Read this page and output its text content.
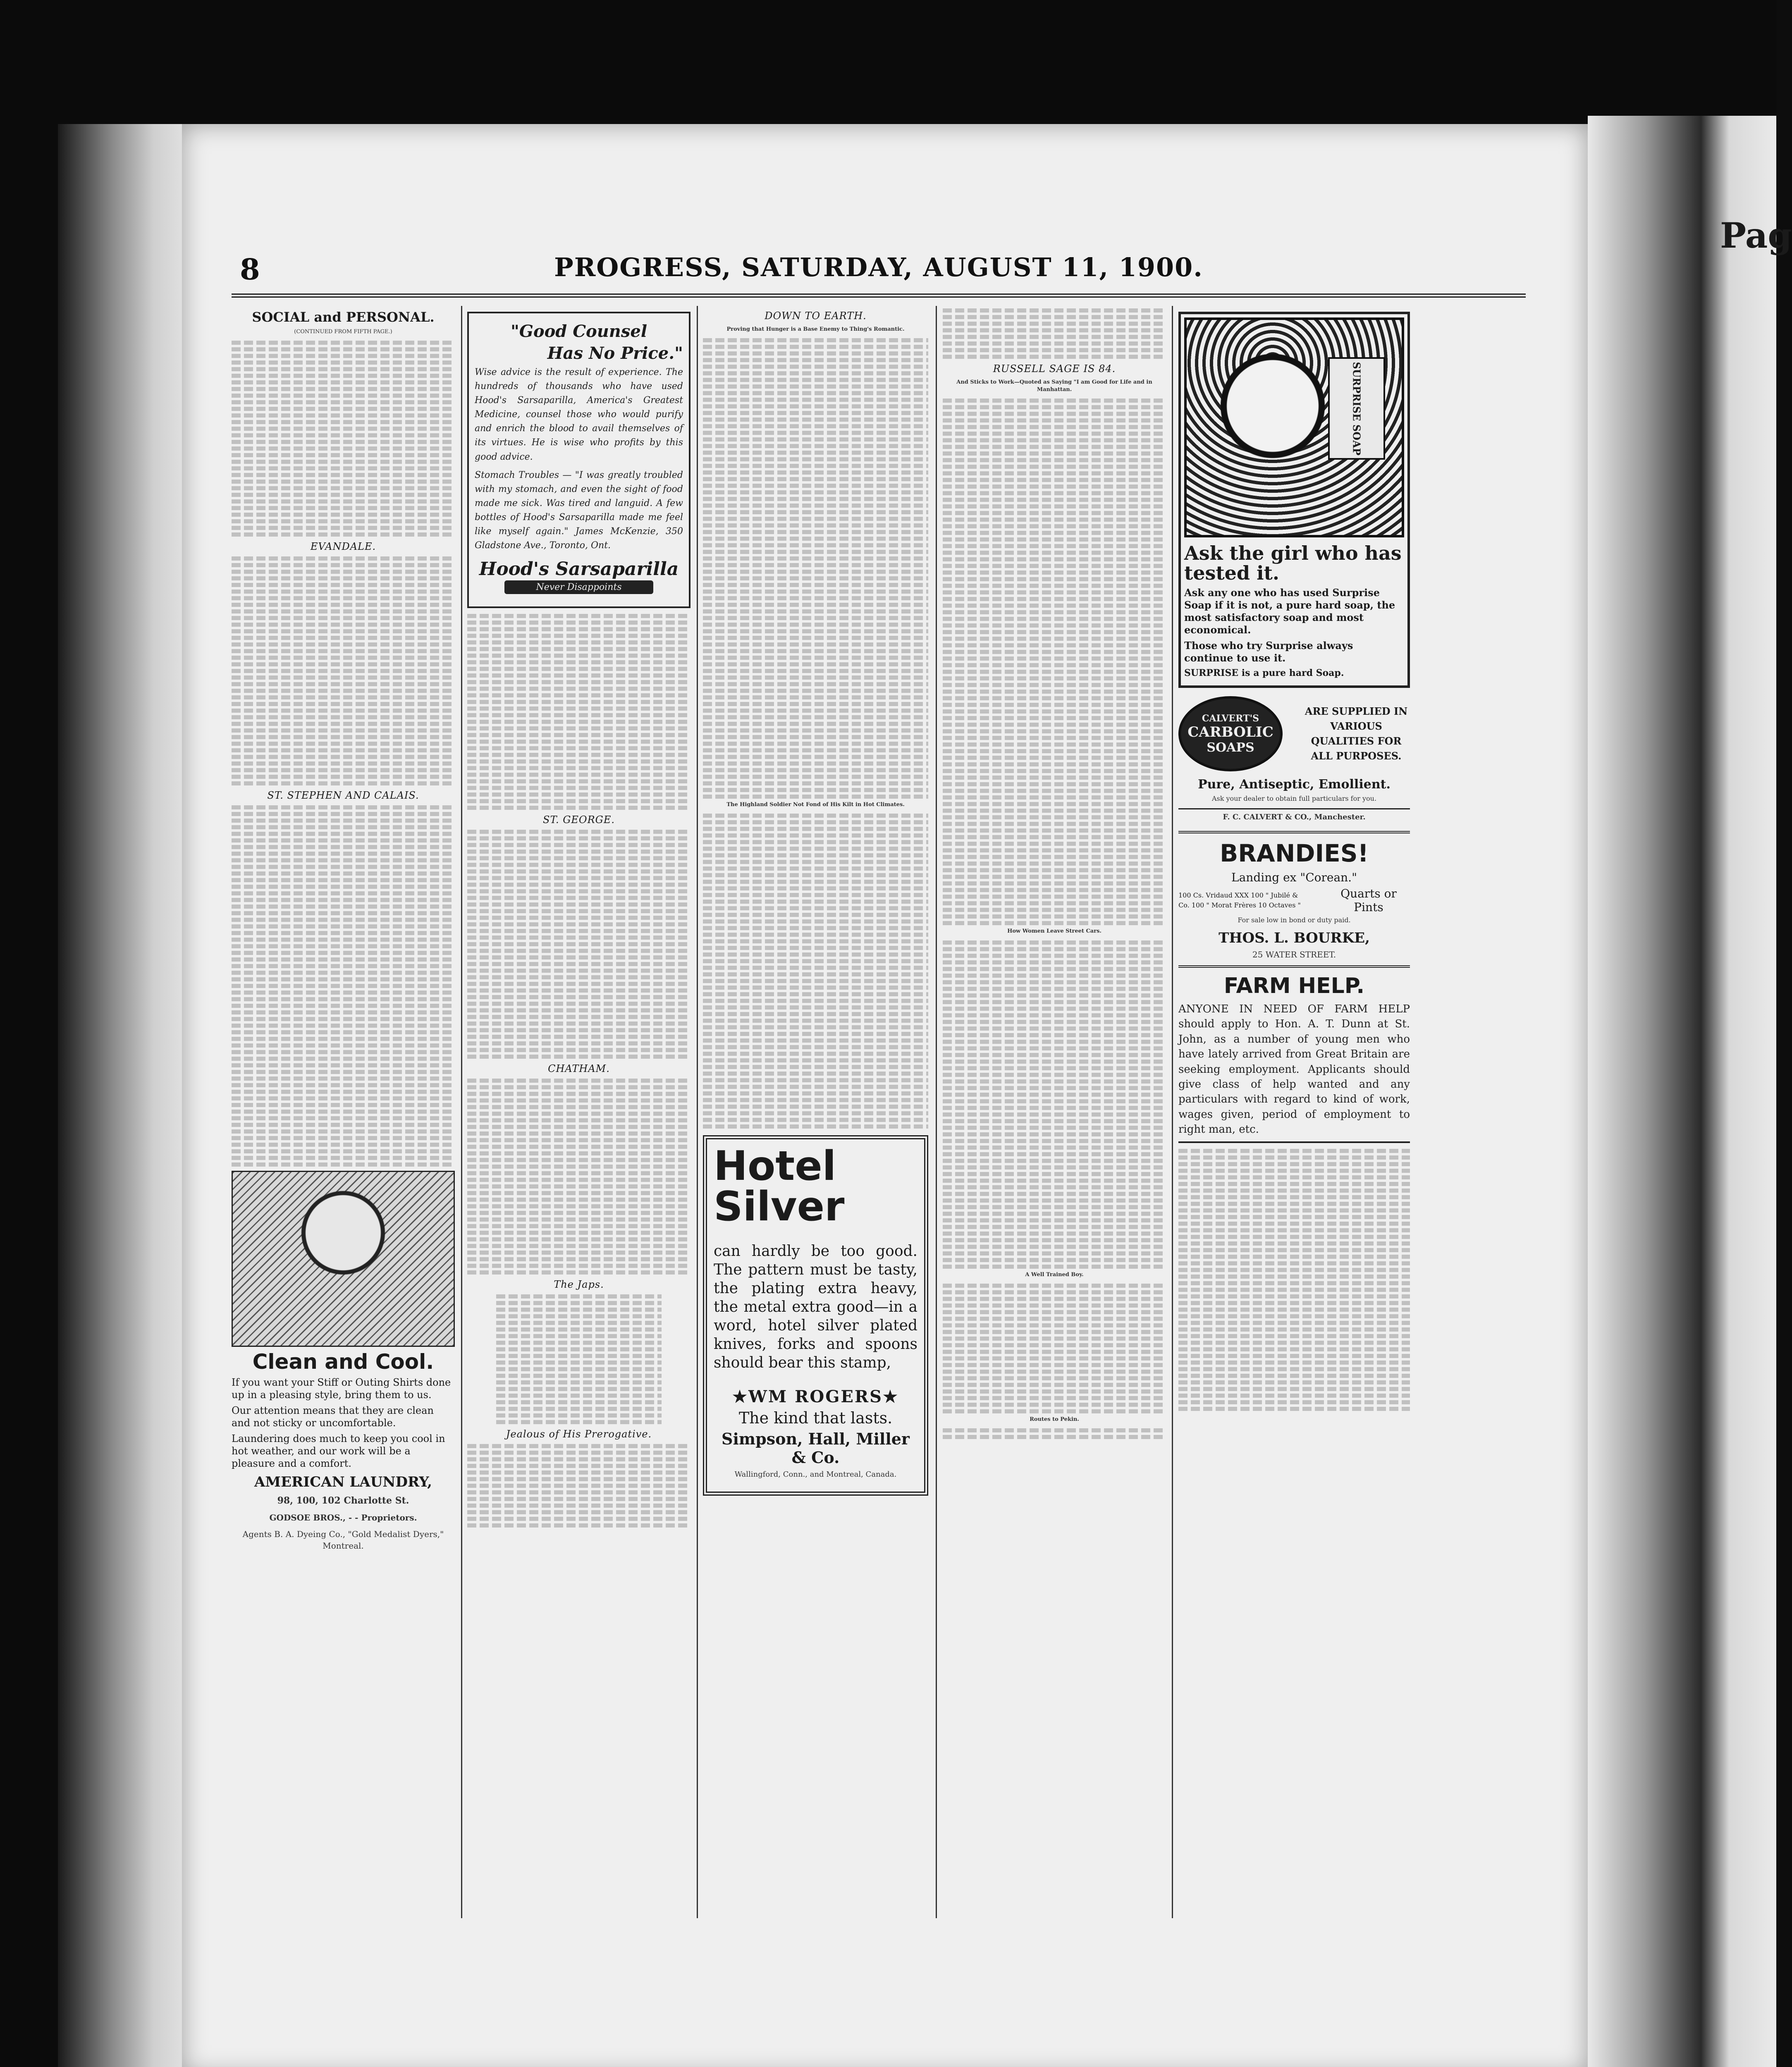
Pag
8	PROGRESS, SATURDAY, AUGUST 11, 1900.
SOCIAL and PERSONAL.
(CONTINUED FROM FIFTH PAGE.)
EVANDALE.
ST. STEPHEN AND CALAIS.
Clean and Cool.

If you want your Stiff or Outing Shirts done up in a pleasing style, bring them to us.

Our attention means that they are clean and not sticky or uncomfortable.

Laundering does much to keep you cool in hot weather, and our work will be a pleasure and a comfort.

AMERICAN LAUNDRY,
98, 100, 102 Charlotte St.
GODSOE BROS., - - Proprietors.
Agents B. A. Dyeing Co., "Gold Medalist Dyers," Montreal.
"Good Counsel
Has No Price."

Wise advice is the result of experience. The hundreds of thousands who have used Hood's Sarsaparilla, America's Greatest Medicine, counsel those who would purify and enrich the blood to avail themselves of its virtues. He is wise who profits by this good advice.

Stomach Troubles — "I was greatly troubled with my stomach, and even the sight of food made me sick. Was tired and languid. A few bottles of Hood's Sarsaparilla made me feel like myself again." James McKenzie, 350 Gladstone Ave., Toronto, Ont.

Hood's Sarsaparilla
Never Disappoints
ST. GEORGE.
CHATHAM.
The Japs.
Jealous of His Prerogative.
DOWN TO EARTH.
Proving that Hunger is a Base Enemy to Thing's Romantic.
The Highland Soldier Not Fond of His Kilt in Hot Climates.
Hotel Silver

can hardly be too good. The pattern must be tasty, the plating extra heavy, the metal extra good—in a word, hotel silver plated knives, forks and spoons should bear this stamp,

★WM ROGERS★
The kind that lasts.
Simpson, Hall, Miller & Co.
Wallingford, Conn., and Montreal, Canada.
RUSSELL SAGE IS 84.
And Sticks to Work—Quoted as Saying "I am Good for Life and in Manhattan.
How Women Leave Street Cars.
A Well Trained Boy.
Routes to Pekin.
SURPRISE SOAP
Ask the girl who has tested it.

Ask any one who has used Surprise Soap if it is not, a pure hard soap, the most satisfactory soap and most economical.

Those who try Surprise always continue to use it.

SURPRISE is a pure hard Soap.

CALVERT'S
CARBOLIC
SOAPS
ARE SUPPLIED IN VARIOUS QUALITIES FOR ALL PURPOSES.
Pure, Antiseptic, Emollient.
Ask your dealer to obtain full particulars for you.
F. C. CALVERT & CO., Manchester.
BRANDIES!
Landing ex "Corean."
100 Cs. Vridaud XXX 100 " Jubilé & Co. 100 " Morat Frères 10 Octaves "
Quarts or Pints
For sale low in bond or duty paid.
THOS. L. BOURKE,
25 WATER STREET.
FARM HELP.

ANYONE IN NEED OF FARM HELP should apply to Hon. A. T. Dunn at St. John, as a number of young men who have lately arrived from Great Britain are seeking employment. Applicants should give class of help wanted and any particulars with regard to kind of work, wages given, period of employment to right man, etc.
